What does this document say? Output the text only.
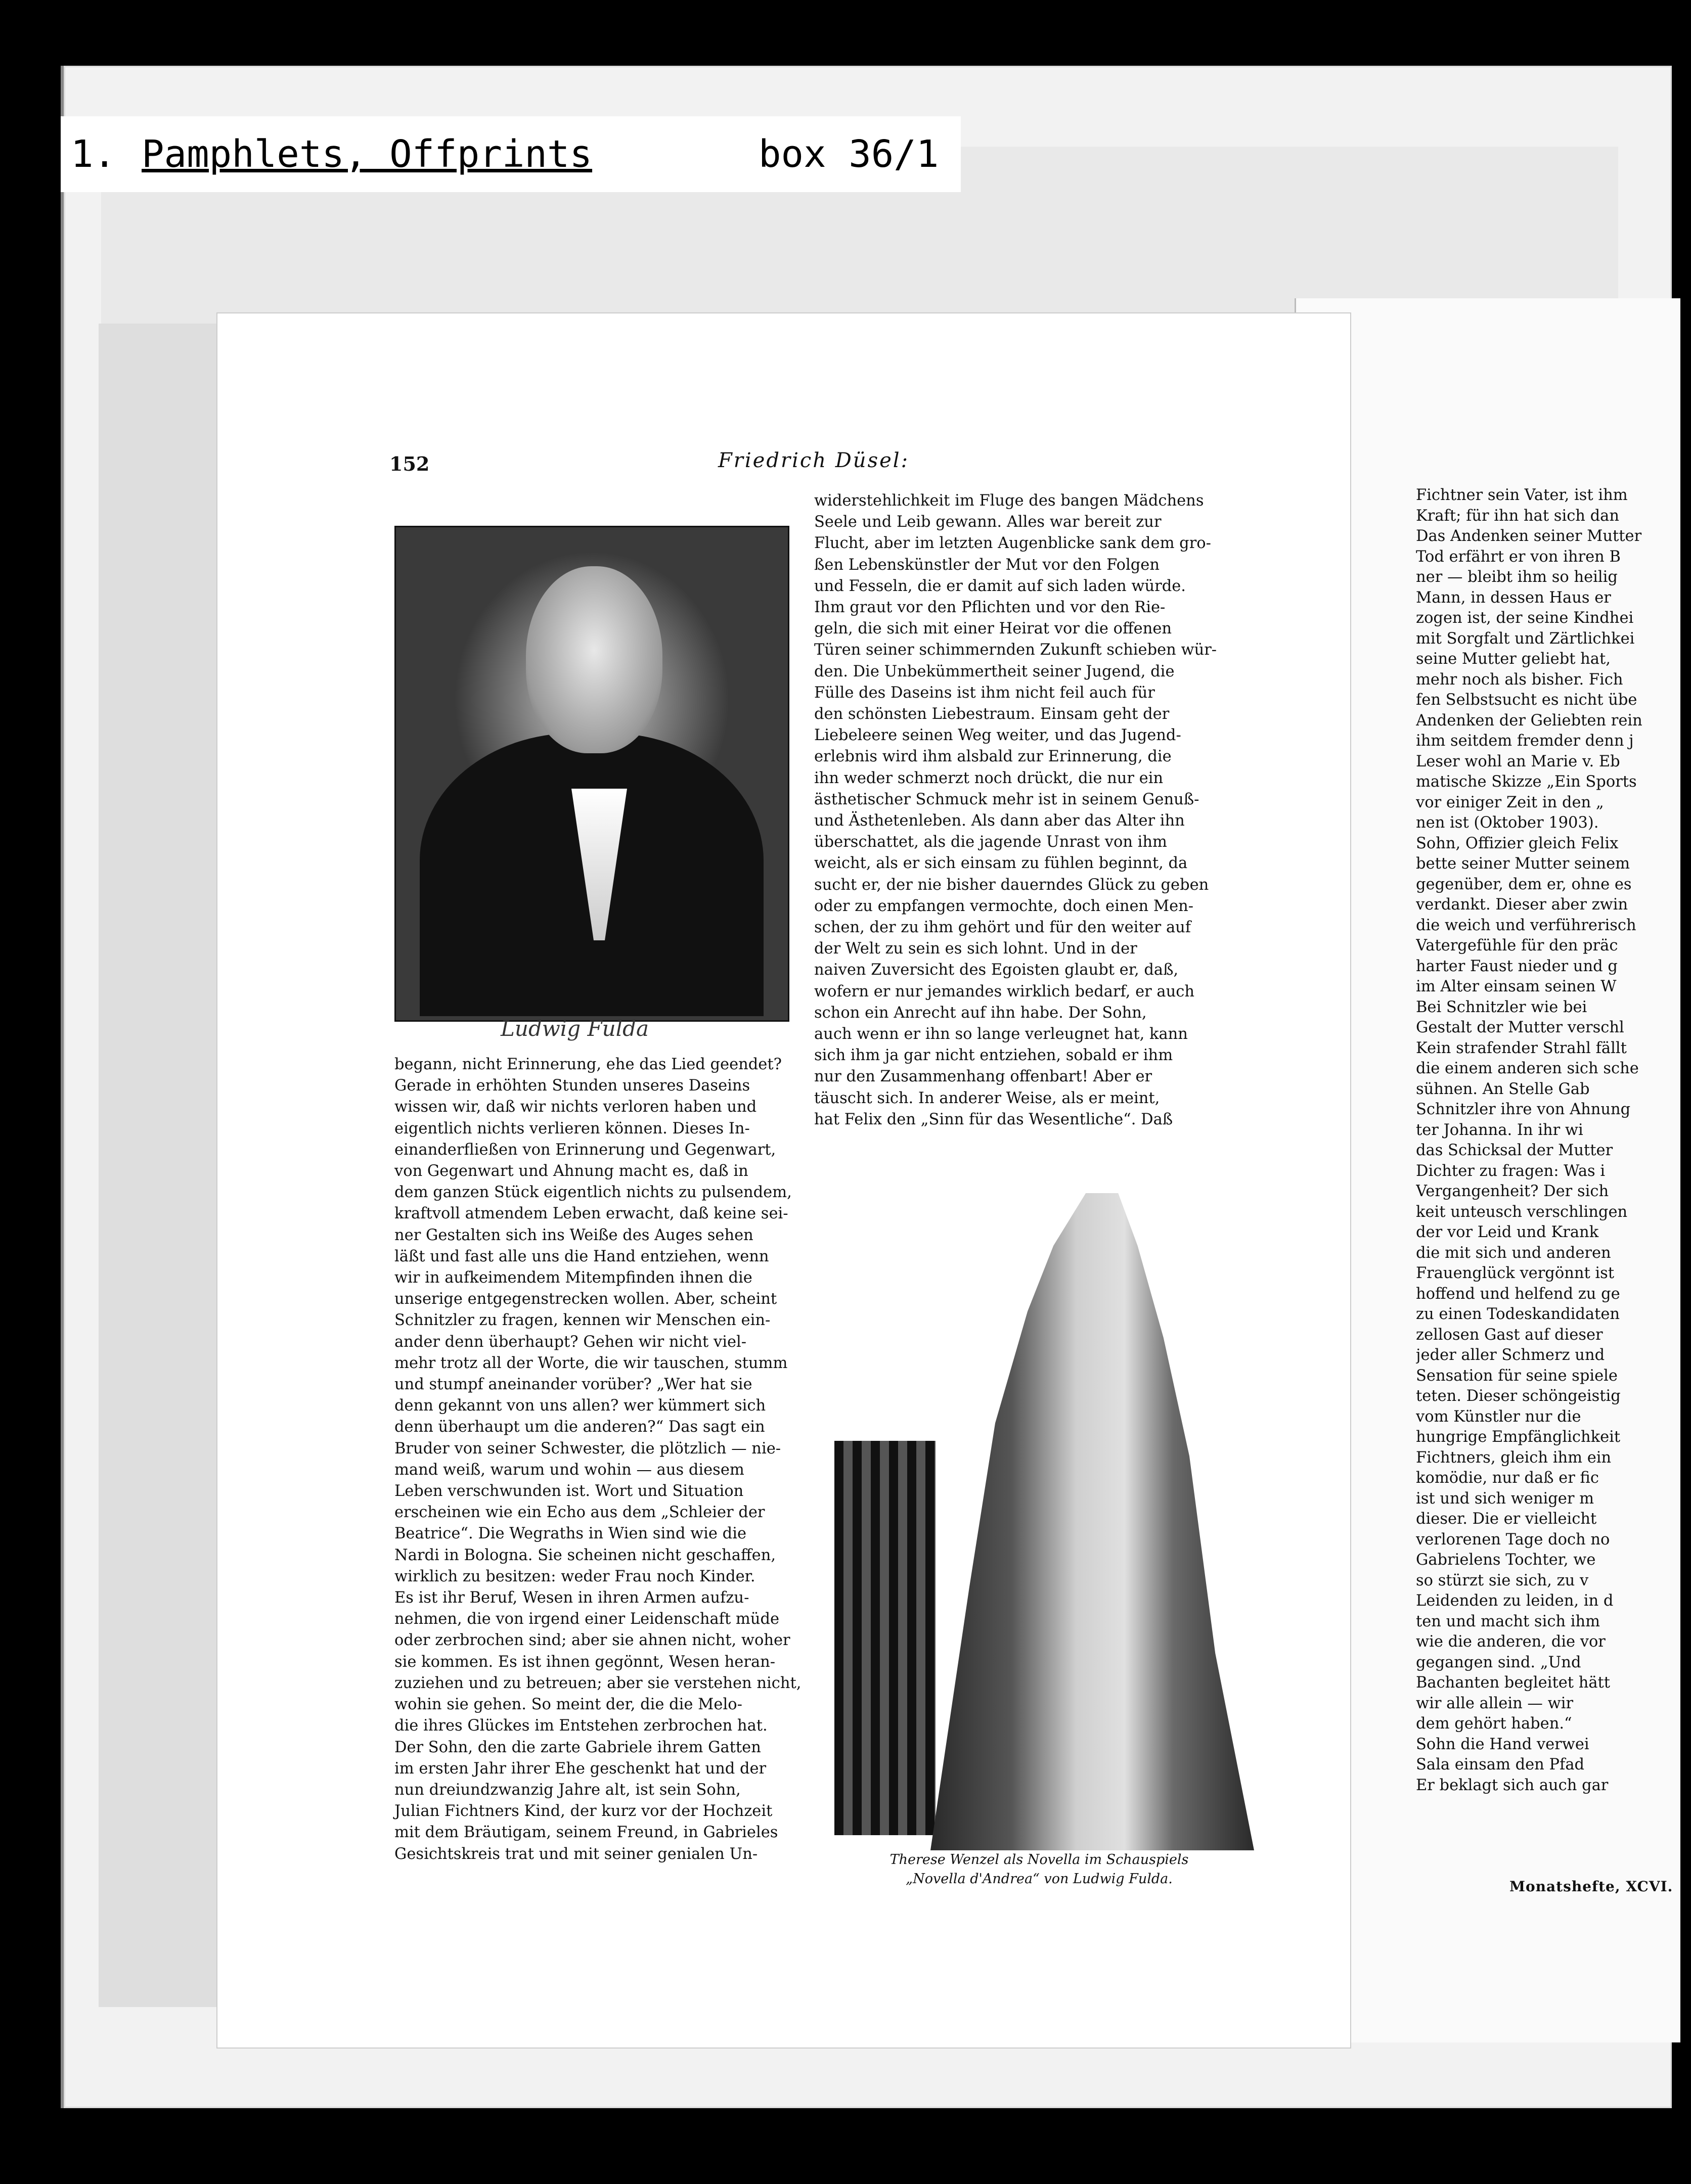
1. Pamphlets, Offprints	box 36/1
152	Friedrich Düsel:
Ludwig Fulda

begann, nicht Erinnerung, ehe das Lied geendet?

Gerade in erhöhten Stunden unseres Daseins

wissen wir, daß wir nichts verloren haben und

eigentlich nichts verlieren können. Dieses In-

einanderfließen von Erinnerung und Gegenwart,

von Gegenwart und Ahnung macht es, daß in

dem ganzen Stück eigentlich nichts zu pulsendem,

kraftvoll atmendem Leben erwacht, daß keine sei-

ner Gestalten sich ins Weiße des Auges sehen

läßt und fast alle uns die Hand entziehen, wenn

wir in aufkeimendem Mitempfinden ihnen die

unserige entgegenstrecken wollen. Aber, scheint

Schnitzler zu fragen, kennen wir Menschen ein-

ander denn überhaupt? Gehen wir nicht viel-

mehr trotz all der Worte, die wir tauschen, stumm

und stumpf aneinander vorüber? „Wer hat sie

denn gekannt von uns allen? wer kümmert sich

denn überhaupt um die anderen?“ Das sagt ein

Bruder von seiner Schwester, die plötzlich — nie-

mand weiß, warum und wohin — aus diesem

Leben verschwunden ist. Wort und Situation

erscheinen wie ein Echo aus dem „Schleier der

Beatrice“. Die Wegraths in Wien sind wie die

Nardi in Bologna. Sie scheinen nicht geschaffen,

wirklich zu besitzen: weder Frau noch Kinder.

Es ist ihr Beruf, Wesen in ihren Armen aufzu-

nehmen, die von irgend einer Leidenschaft müde

oder zerbrochen sind; aber sie ahnen nicht, woher

sie kommen. Es ist ihnen gegönnt, Wesen heran-

zuziehen und zu betreuen; aber sie verstehen nicht,

wohin sie gehen. So meint der, die die Melo-

die ihres Glückes im Entstehen zerbrochen hat.

Der Sohn, den die zarte Gabriele ihrem Gatten

im ersten Jahr ihrer Ehe geschenkt hat und der

nun dreiundzwanzig Jahre alt, ist sein Sohn,

Julian Fichtners Kind, der kurz vor der Hochzeit

mit dem Bräutigam, seinem Freund, in Gabrieles

Gesichtskreis trat und mit seiner genialen Un-

widerstehlichkeit im Fluge des bangen Mädchens

Seele und Leib gewann. Alles war bereit zur

Flucht, aber im letzten Augenblicke sank dem gro-

ßen Lebenskünstler der Mut vor den Folgen

und Fesseln, die er damit auf sich laden würde.

Ihm graut vor den Pflichten und vor den Rie-

geln, die sich mit einer Heirat vor die offenen

Türen seiner schimmernden Zukunft schieben wür-

den. Die Unbekümmertheit seiner Jugend, die

Fülle des Daseins ist ihm nicht feil auch für

den schönsten Liebestraum. Einsam geht der

Liebeleere seinen Weg weiter, und das Jugend-

erlebnis wird ihm alsbald zur Erinnerung, die

ihn weder schmerzt noch drückt, die nur ein

ästhetischer Schmuck mehr ist in seinem Genuß-

und Ästhetenleben. Als dann aber das Alter ihn

überschattet, als die jagende Unrast von ihm

weicht, als er sich einsam zu fühlen beginnt, da

sucht er, der nie bisher dauerndes Glück zu geben

oder zu empfangen vermochte, doch einen Men-

schen, der zu ihm gehört und für den weiter auf

der Welt zu sein es sich lohnt. Und in der

naiven Zuversicht des Egoisten glaubt er, daß,

wofern er nur jemandes wirklich bedarf, er auch

schon ein Anrecht auf ihn habe. Der Sohn,

auch wenn er ihn so lange verleugnet hat, kann

sich ihm ja gar nicht entziehen, sobald er ihm

nur den Zusammenhang offenbart! Aber er

täuscht sich. In anderer Weise, als er meint,

hat Felix den „Sinn für das Wesentliche“. Daß

Therese Wenzel als Novella im Schauspiels
„Novella d'Andrea“ von Ludwig Fulda.

Fichtner sein Vater, ist ihm

Kraft; für ihn hat sich dan

Das Andenken seiner Mutter

Tod erfährt er von ihren B

ner — bleibt ihm so heilig

Mann, in dessen Haus er

zogen ist, der seine Kindhei

mit Sorgfalt und Zärtlichkei

seine Mutter geliebt hat,

mehr noch als bisher. Fich

fen Selbstsucht es nicht übe

Andenken der Geliebten rein

ihm seitdem fremder denn j

Leser wohl an Marie v. Eb

matische Skizze „Ein Sports

vor einiger Zeit in den „

nen ist (Oktober 1903).

Sohn, Offizier gleich Felix

bette seiner Mutter seinem

gegenüber, dem er, ohne es

verdankt. Dieser aber zwin

die weich und verführerisch

Vatergefühle für den präc

harter Faust nieder und g

im Alter einsam seinen W

Bei Schnitzler wie bei

Gestalt der Mutter verschl

Kein strafender Strahl fällt

die einem anderen sich sche

sühnen. An Stelle Gab

Schnitzler ihre von Ahnung

ter Johanna. In ihr wi

das Schicksal der Mutter

Dichter zu fragen: Was i

Vergangenheit? Der sich

keit unteusch verschlingen

der vor Leid und Krank

die mit sich und anderen

Frauenglück vergönnt ist

hoffend und helfend zu ge

zu einen Todeskandidaten

zellosen Gast auf dieser

jeder aller Schmerz und

Sensation für seine spiele

teten. Dieser schöngeistig

vom Künstler nur die

hungrige Empfänglichkeit

Fichtners, gleich ihm ein

komödie, nur daß er fic

ist und sich weniger m

dieser. Die er vielleicht

verlorenen Tage doch no

Gabrielens Tochter, we

so stürzt sie sich, zu v

Leidenden zu leiden, in d

ten und macht sich ihm

wie die anderen, die vor

gegangen sind. „Und

Bachanten begleitet hätt

wir alle allein — wir

dem gehört haben.“

Sohn die Hand verwei

Sala einsam den Pfad

Er beklagt sich auch gar

Monatshefte, XCVI.
